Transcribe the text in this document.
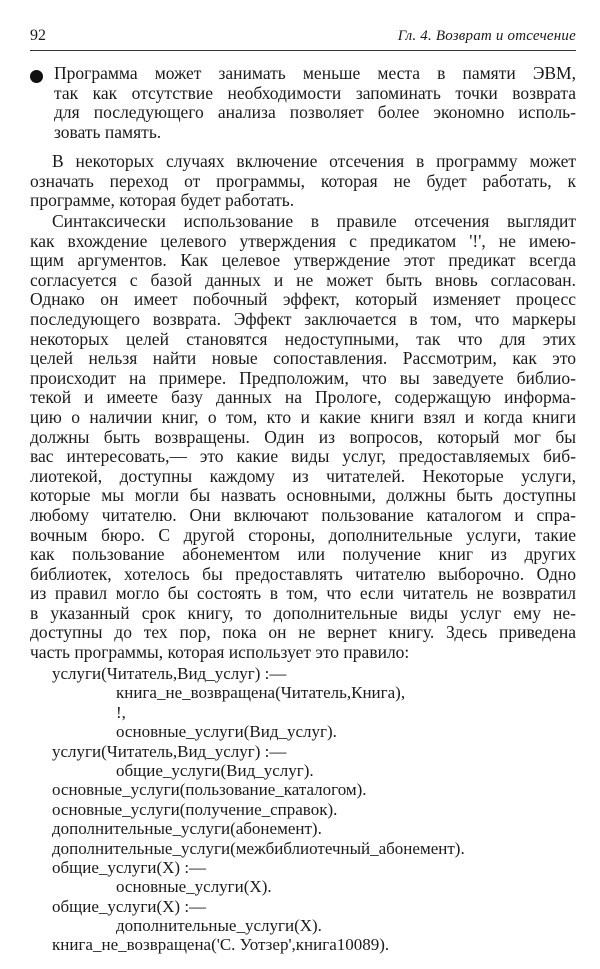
92	Гл. 4. Возврат и отсечение
Программа может занимать меньше места в памяти ЭВМ,
так как отсутствие необходимости запоминать точки возврата
для последующего анализа позволяет более экономно исполь-
зовать память.
В некоторых случаях включение отсечения в программу может
означать переход от программы, которая не будет работать, к
программе, которая будет работать.
Синтаксически использование в правиле отсечения выглядит
как вхождение целевого утверждения с предикатом '!', не имею-
щим аргументов. Как целевое утверждение этот предикат всегда
согласуется с базой данных и не может быть вновь согласован.
Однако он имеет побочный эффект, который изменяет процесс
последующего возврата. Эффект заключается в том, что маркеры
некоторых целей становятся недоступными, так что для этих
целей нельзя найти новые сопоставления. Рассмотрим, как это
происходит на примере. Предположим, что вы заведуете библио-
текой и имеете базу данных на Прологе, содержащую информа-
цию о наличии книг, о том, кто и какие книги взял и когда книги
должны быть возвращены. Один из вопросов, который мог бы
вас интересовать,— это какие виды услуг, предоставляемых биб-
лиотекой, доступны каждому из читателей. Некоторые услуги,
которые мы могли бы назвать основными, должны быть доступны
любому читателю. Они включают пользование каталогом и спра-
вочным бюро. С другой стороны, дополнительные услуги, такие
как пользование абонементом или получение книг из других
библиотек, хотелось бы предоставлять читателю выборочно. Одно
из правил могло бы состоять в том, что если читатель не возвратил
в указанный срок книгу, то дополнительные виды услуг ему не-
доступны до тех пор, пока он не вернет книгу. Здесь приведена
часть программы, которая использует это правило:
услуги(Читатель,Вид_услуг) :—
книга_не_возвращена(Читатель,Книга),
!,
основные_услуги(Вид_услуг).
услуги(Читатель,Вид_услуг) :—
общие_услуги(Вид_услуг).
основные_услуги(пользование_каталогом).
основные_услуги(получение_справок).
дополнительные_услуги(абонемент).
дополнительные_услуги(межбиблиотечный_абонемент).
общие_услуги(X) :—
основные_услуги(X).
общие_услуги(X) :—
дополнительные_услуги(X).
книга_не_возвращена('С. Уотзер',книга10089).
